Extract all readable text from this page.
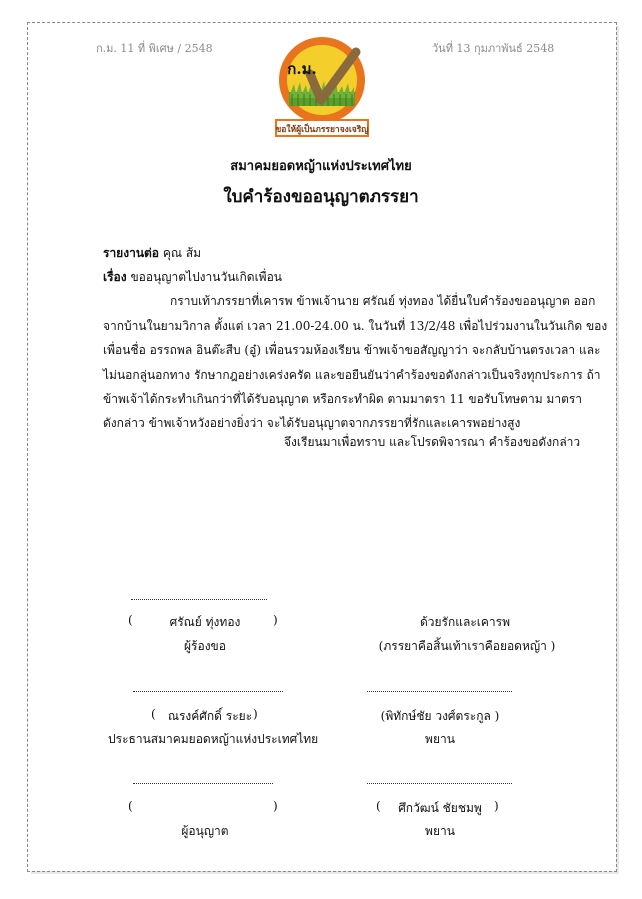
ก.ม. 11 ที่ พิเศษ / 2548	วันที่ 13 กุมภาพันธ์ 2548
ก.ม.
ขอให้ผู้เป็นภรรยาจงเจริญ
สมาคมยอดหญ้าแห่งประเทศไทย
ใบคำร้องขออนุญาตภรรยา
รายงานต่อ คุณ ส้ม
เรื่อง ขออนุญาตไปงานวันเกิดเพื่อน
กราบเท้าภรรยาที่เคารพ ข้าพเจ้านาย ศรัณย์ ทุ่งทอง ได้ยื่นใบคำร้องขออนุญาต ออก
จากบ้านในยามวิกาล ตั้งแต่ เวลา 21.00-24.00 น. ในวันที่ 13/2/48 เพื่อไปร่วมงานในวันเกิด ของ
เพื่อนชื่อ อรรถพล อินต๊ะสืบ (อู๋) เพื่อนรวมห้องเรียน ข้าพเจ้าขอสัญญาว่า จะกลับบ้านตรงเวลา และ
ไม่นอกลู่นอกทาง รักษากฎอย่างเคร่งครัด และขอยืนยันว่าคำร้องขอดังกล่าวเป็นจริงทุกประการ ถ้า
ข้าพเจ้าได้กระทำเกินกว่าที่ได้รับอนุญาต หรือกระทำผิด ตามมาตรา 11 ขอรับโทษตาม มาตรา
ดังกล่าว ข้าพเจ้าหวังอย่างยิ่งว่า จะได้รับอนุญาตจากภรรยาที่รักและเคารพอย่างสูง
จึงเรียนมาเพื่อทราบ และโปรดพิจารณา คำร้องขอดังกล่าว
(	ศรัณย์ ทุ่งทอง	)
ผู้ร้องขอ
ด้วยรักและเคารพ
(ภรรยาคือสิ้นเท้าเราคือยอดหญ้า )
(	ณรงค์ศักดิ์ ระยะ )
ประธานสมาคมยอดหญ้าแห่งประเทศไทย
(พิทักษ์ชัย วงศ์ตระกูล )
พยาน
(	)
ผู้อนุญาต
(	ศึกวัฒน์ ชัยชมพู	)
พยาน
